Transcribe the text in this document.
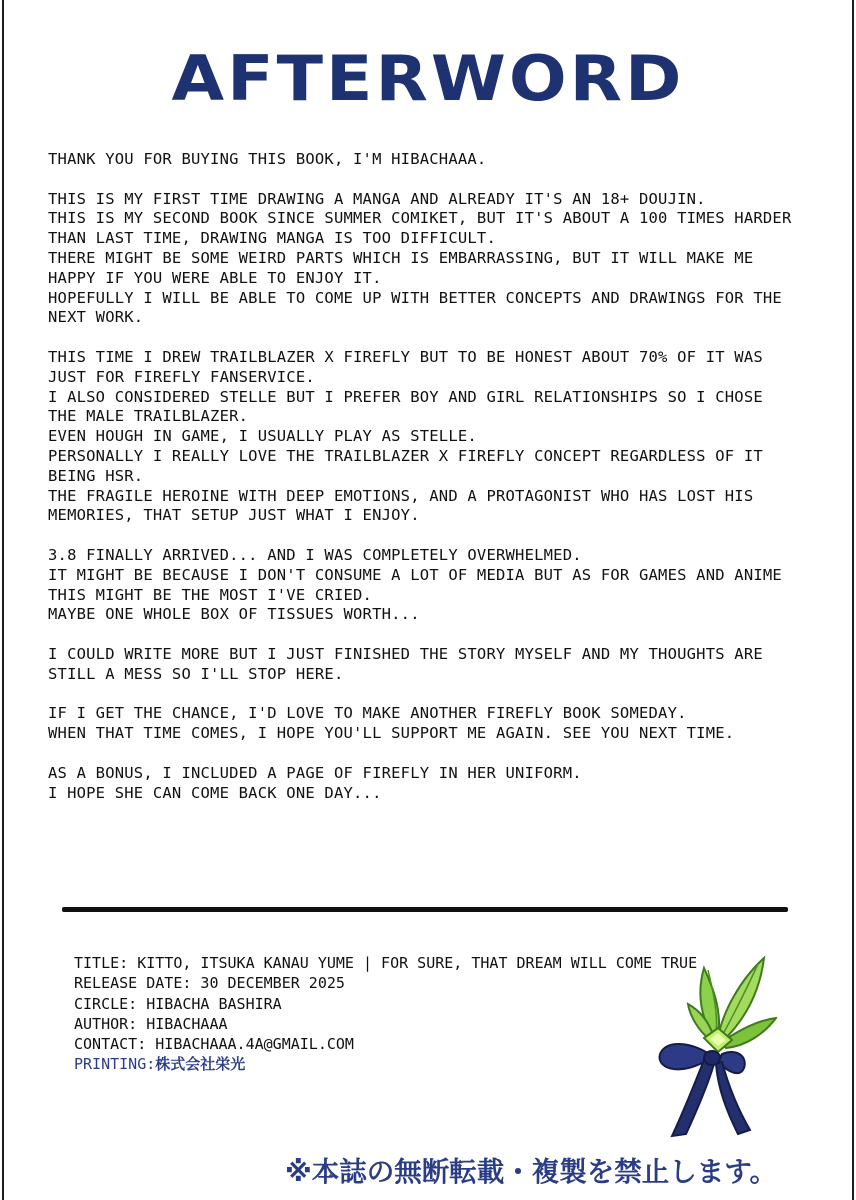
AFTERWORD
THANK YOU FOR BUYING THIS BOOK, I'M HIBACHAAA.
THIS IS MY FIRST TIME DRAWING A MANGA AND ALREADY IT'S AN 18+ DOUJIN.
THIS IS MY SECOND BOOK SINCE SUMMER COMIKET, BUT IT'S ABOUT A 100 TIMES HARDER
THAN LAST TIME, DRAWING MANGA IS TOO DIFFICULT.
THERE MIGHT BE SOME WEIRD PARTS WHICH IS EMBARRASSING, BUT IT WILL MAKE ME
HAPPY IF YOU WERE ABLE TO ENJOY IT.
HOPEFULLY I WILL BE ABLE TO COME UP WITH BETTER CONCEPTS AND DRAWINGS FOR THE
NEXT WORK.
THIS TIME I DREW TRAILBLAZER X FIREFLY BUT TO BE HONEST ABOUT 70% OF IT WAS
JUST FOR FIREFLY FANSERVICE.
I ALSO CONSIDERED STELLE BUT I PREFER BOY AND GIRL RELATIONSHIPS SO I CHOSE
THE MALE TRAILBLAZER.
EVEN HOUGH IN GAME, I USUALLY PLAY AS STELLE.
PERSONALLY I REALLY LOVE THE TRAILBLAZER X FIREFLY CONCEPT REGARDLESS OF IT
BEING HSR.
THE FRAGILE HEROINE WITH DEEP EMOTIONS, AND A PROTAGONIST WHO HAS LOST HIS
MEMORIES, THAT SETUP JUST WHAT I ENJOY.
3.8 FINALLY ARRIVED... AND I WAS COMPLETELY OVERWHELMED.
IT MIGHT BE BECAUSE I DON'T CONSUME A LOT OF MEDIA BUT AS FOR GAMES AND ANIME
THIS MIGHT BE THE MOST I'VE CRIED.
MAYBE ONE WHOLE BOX OF TISSUES WORTH...
I COULD WRITE MORE BUT I JUST FINISHED THE STORY MYSELF AND MY THOUGHTS ARE
STILL A MESS SO I'LL STOP HERE.
IF I GET THE CHANCE, I'D LOVE TO MAKE ANOTHER FIREFLY BOOK SOMEDAY.
WHEN THAT TIME COMES, I HOPE YOU'LL SUPPORT ME AGAIN. SEE YOU NEXT TIME.
AS A BONUS, I INCLUDED A PAGE OF FIREFLY IN HER UNIFORM.
I HOPE SHE CAN COME BACK ONE DAY...
TITLE: KITTO, ITSUKA KANAU YUME | FOR SURE, THAT DREAM WILL COME TRUE
RELEASE DATE: 30 DECEMBER 2025
CIRCLE: HIBACHA BASHIRA
AUTHOR: HIBACHAAA
CONTACT: HIBACHAAA.4A@GMAIL.COM
PRINTING:株式会社栄光
※本誌の無断転載・複製を禁止します。
